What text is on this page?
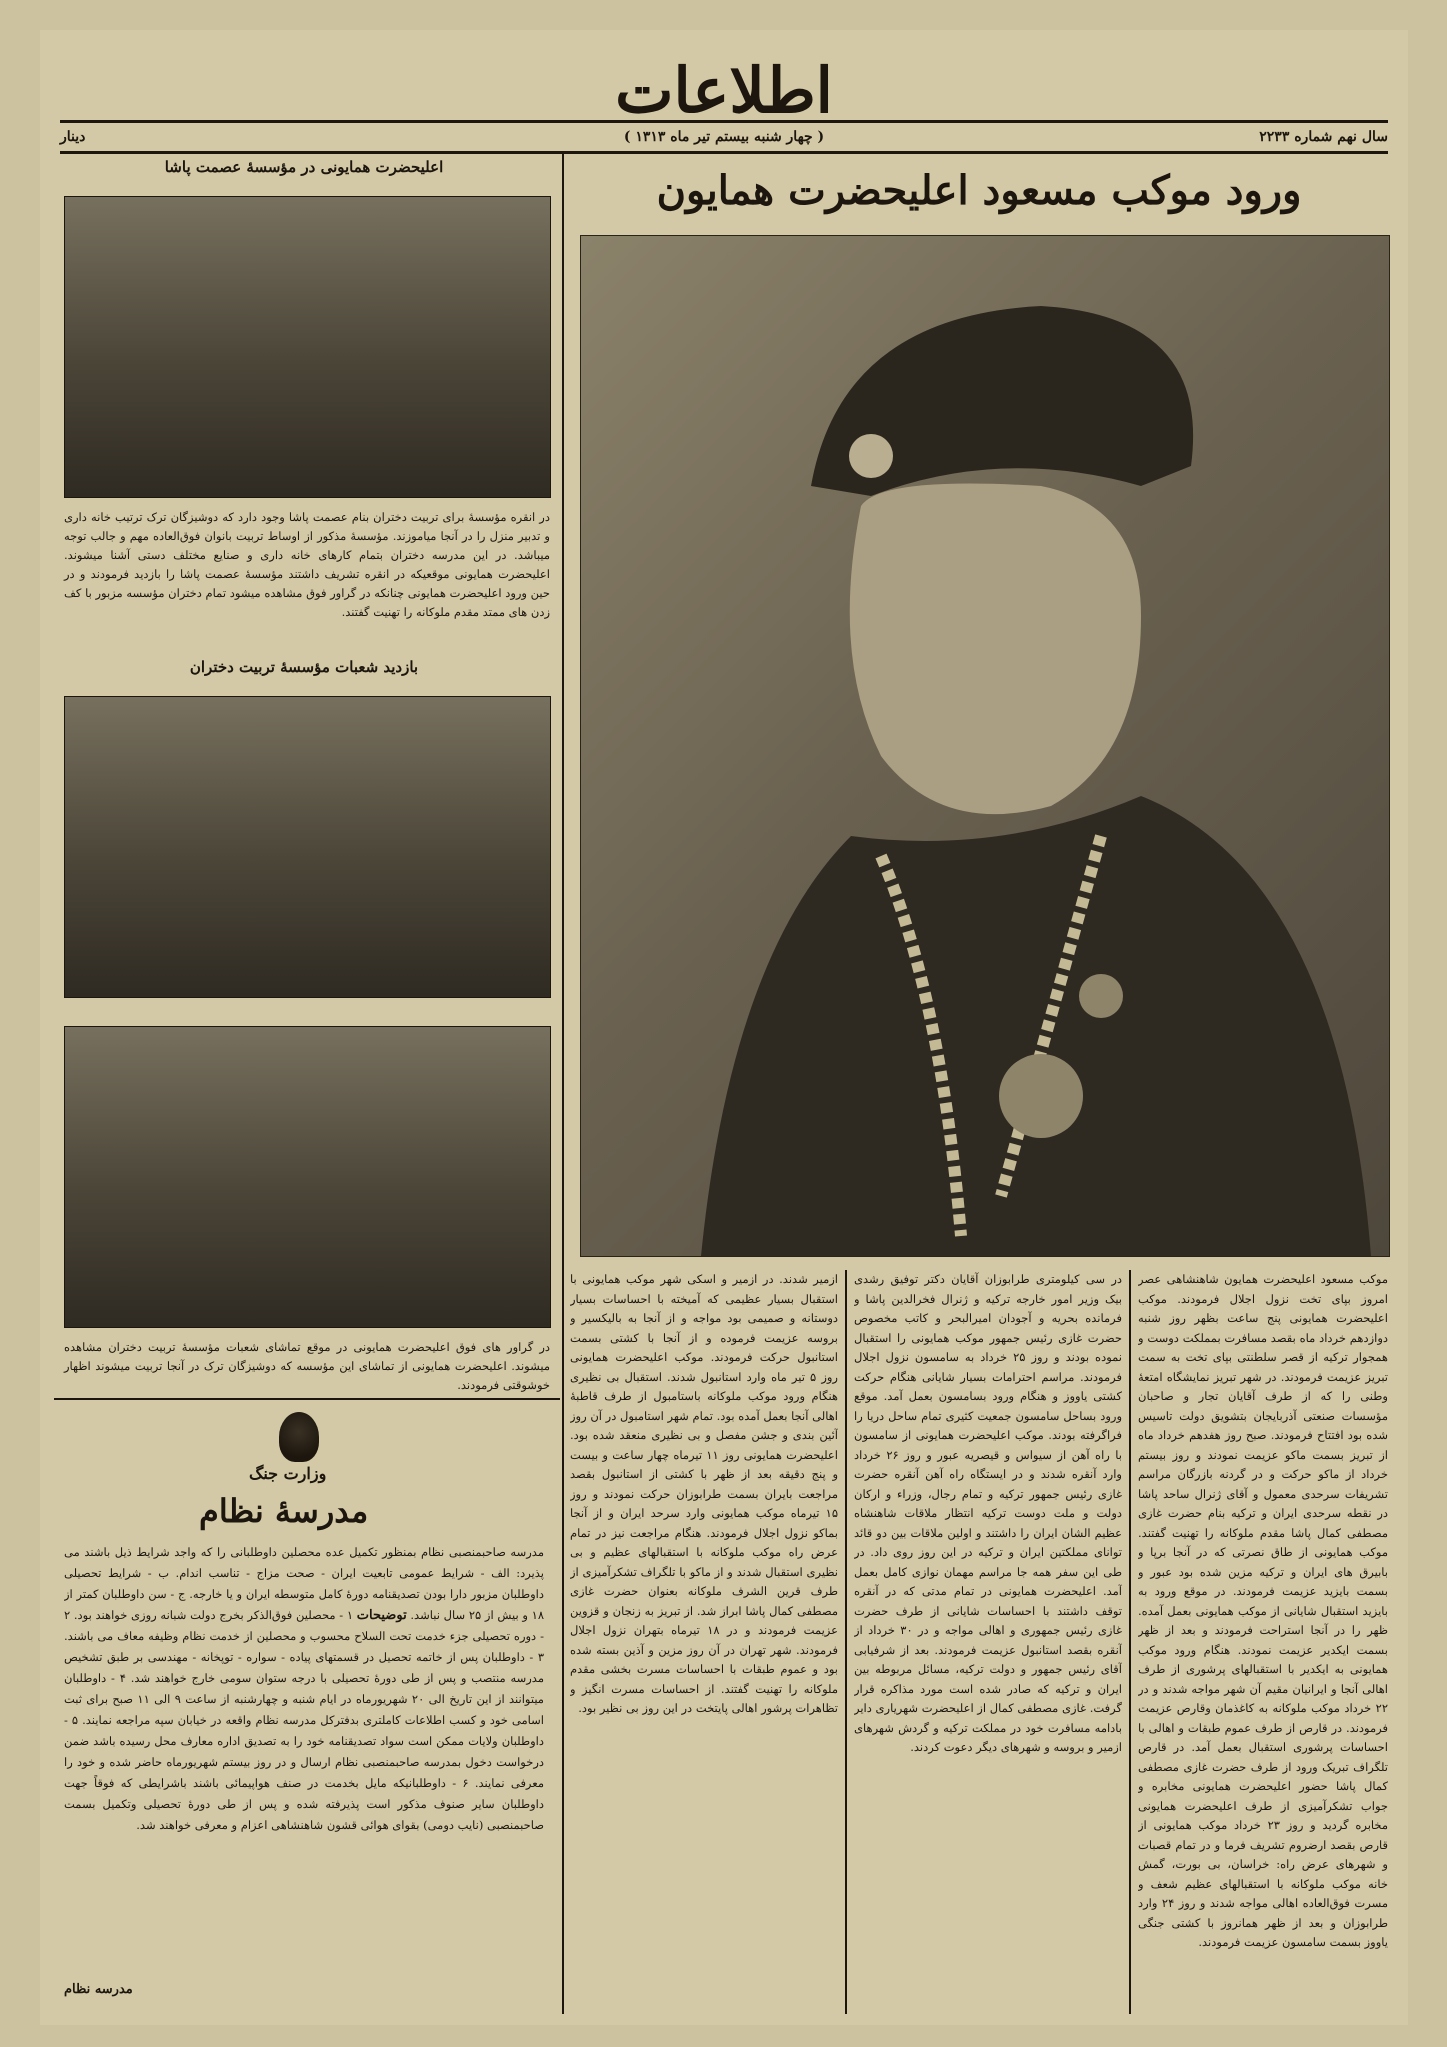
اطلاعات
سال نهم شماره ۲۲۳۳
( چهار شنبه بیستم تیر ماه ۱۳۱۳ )
دینار
ورود موکب مسعود اعلیحضرت همایون
اعلیحضرت همایونی در مؤسسهٔ عصمت پاشا
در انقره مؤسسهٔ برای تربیت دختران بنام عصمت پاشا وجود دارد که دوشیزگان ترک ترتیب خانه داری و تدبیر منزل را در آنجا میاموزند. مؤسسهٔ مذکور از اوساط تربیت بانوان فوق‌العاده مهم و جالب توجه میباشد. در این مدرسه دختران بتمام کارهای خانه داری و صنایع مختلف دستی آشنا میشوند. اعلیحضرت همایونی موقعیکه در انقره تشریف داشتند مؤسسهٔ عصمت پاشا را بازدید فرمودند و در حین ورود اعلیحضرت همایونی چنانکه در گراور فوق مشاهده میشود تمام دختران مؤسسه مزبور با کف زدن های ممتد مقدم ملوکانه را تهنیت گفتند.
بازدید شعبات مؤسسهٔ تربیت دختران
در گراور های فوق اعلیحضرت همایونی در موقع تماشای شعبات مؤسسهٔ تربیت دختران مشاهده میشوند. اعلیحضرت همایونی از تماشای این مؤسسه که دوشیزگان ترک در آنجا تربیت میشوند اظهار خوشوقتی فرمودند.
وزارت جنگ
مدرسهٔ نظام
مدرسه صاحبمنصبی نظام بمنظور تکمیل عده محصلین داوطلبانی را که واجد شرایط ذیل باشند می پذیرد: الف - شرایط عمومی تابعیت ایران - صحت مزاج - تناسب اندام. ب - شرایط تحصیلی داوطلبان مزبور دارا بودن تصدیقنامه دورهٔ کامل متوسطه ایران و یا خارجه. ج - سن داوطلبان کمتر از ۱۸ و بیش از ۲۵ سال نباشد. توضیحات ۱ - محصلین فوق‌الذکر بخرج دولت شبانه روزی خواهند بود. ۲ - دوره تحصیلی جزء خدمت تحت السلاح محسوب و محصلین از خدمت نظام وظیفه معاف می باشند. ۳ - داوطلبان پس از خاتمه تحصیل در قسمتهای پیاده - سواره - توپخانه - مهندسی بر طبق تشخیص مدرسه منتصب و پس از طی دورهٔ تحصیلی با درجه ستوان سومی خارج خواهند شد. ۴ - داوطلبان میتوانند از این تاریخ الی ۲۰ شهریورماه در ایام شنبه و چهارشنبه از ساعت ۹ الی ۱۱ صبح برای ثبت اسامی خود و کسب اطلاعات کاملتری بدفترکل مدرسه نظام واقعه در خیابان سپه مراجعه نمایند. ۵ - داوطلبان ولایات ممکن است سواد تصدیقنامه خود را به تصدیق اداره معارف محل رسیده باشد ضمن درخواست دخول بمدرسه صاحبمنصبی نظام ارسال و در روز بیستم شهریورماه حاضر شده و خود را معرفی نمایند. ۶ - داوطلبانیکه مایل بخدمت در صنف هواپیمائی باشند باشرایطی که فوقاً جهت داوطلبان سایر صنوف مذکور است پذیرفته شده و پس از طی دورهٔ تحصیلی وتکمیل بسمت صاحبمنصبی (نایب دومی) بقوای هوائی قشون شاهنشاهی اعزام و معرفی خواهند شد.
مدرسه نظام
موکب مسعود اعلیحضرت همایون شاهنشاهی عصر امروز بپای تخت نزول اجلال فرمودند. موکب اعلیحضرت همایونی پنج ساعت بظهر روز شنبه دوازدهم خرداد ماه بقصد مسافرت بمملکت دوست و همجوار ترکیه از قصر سلطنتی بپای تخت به سمت تبریز عزیمت فرمودند. در شهر تبریز نمایشگاه امتعهٔ وطنی را که از طرف آقایان تجار و صاحبان مؤسسات صنعتی آذربایجان بتشویق دولت تاسیس شده بود افتتاح فرمودند. صبح روز هفدهم خرداد ماه از تبریز بسمت ماکو عزیمت نمودند و روز بیستم خرداد از ماکو حرکت و در گردنه بازرگان مراسم تشریفات سرحدی معمول و آقای ژنرال ساحد پاشا در نقطه سرحدی ایران و ترکیه بنام حضرت غازی مصطفی کمال پاشا مقدم ملوکانه را تهنیت گفتند. موکب همایونی از طاق نصرتی که در آنجا برپا و بابیرق های ایران و ترکیه مزین شده بود عبور و بسمت بایزید عزیمت فرمودند. در موقع ورود به بایزید استقبال شایانی از موکب همایونی بعمل آمده. ظهر را در آنجا استراحت فرمودند و بعد از ظهر بسمت ایکدیر عزیمت نمودند. هنگام ورود موکب همایونی به ایکدیر با استقبالهای پرشوری از طرف اهالی آنجا و ایرانیان مقیم آن شهر مواجه شدند و در ۲۲ خرداد موکب ملوکانه به کاغذمان وقارص عزیمت فرمودند. در قارص از طرف عموم طبقات و اهالی با احساسات پرشوری استقبال بعمل آمد. در قارص تلگراف تبریک ورود از طرف حضرت غازی مصطفی کمال پاشا حضور اعلیحضرت همایونی مخابره و جواب تشکرآمیزی از طرف اعلیحضرت همایونی مخابره گردید و روز ۲۳ خرداد موکب همایونی از قارص بقصد ارضروم تشریف فرما و در تمام قصبات و شهرهای عرض راه: خراسان، بی بورت، گمش خانه موکب ملوکانه با استقبالهای عظیم شعف و مسرت فوق‌العاده اهالی مواجه شدند و روز ۲۴ وارد طرابوزان و بعد از ظهر همانروز با کشتی جنگی یاووز بسمت سامسون عزیمت فرمودند.
در سی کیلومتری طرابوزان آقایان دکتر توفیق رشدی بیک وزیر امور خارجه ترکیه و ژنرال فخرالدین پاشا و فرمانده بحریه و آجودان امیرالبحر و کاتب مخصوص حضرت غازی رئیس جمهور موکب همایونی را استقبال نموده بودند و روز ۲۵ خرداد به سامسون نزول اجلال فرمودند. مراسم احترامات بسیار شایانی هنگام حرکت کشتی یاووز و هنگام ورود بسامسون بعمل آمد. موقع ورود بساحل سامسون جمعیت کثیری تمام ساحل دریا را فراگرفته بودند. موکب اعلیحضرت همایونی از سامسون با راه آهن از سیواس و قیصریه عبور و روز ۲۶ خرداد وارد آنقره شدند و در ایستگاه راه آهن آنقره حضرت غازی رئیس جمهور ترکیه و تمام رجال، وزراء و ارکان دولت و ملت دوست ترکیه انتظار ملاقات شاهنشاه عظیم الشان ایران را داشتند و اولین ملاقات بین دو قائد توانای مملکتین ایران و ترکیه در این روز روی داد. در طی این سفر همه جا مراسم مهمان نوازی کامل بعمل آمد. اعلیحضرت همایونی در تمام مدتی که در آنقره توقف داشتند با احساسات شایانی از طرف حضرت غازی رئیس جمهوری و اهالی مواجه و در ۳۰ خرداد از آنقره بقصد استانبول عزیمت فرمودند. بعد از شرفیابی آقای رئیس جمهور و دولت ترکیه، مسائل مربوطه بین ایران و ترکیه که صادر شده است مورد مذاکره قرار گرفت. غازی مصطفی کمال از اعلیحضرت شهریاری دایر بادامه مسافرت خود در مملکت ترکیه و گردش شهرهای ازمیر و بروسه و شهرهای دیگر دعوت کردند.
ازمیر شدند. در ازمیر و اسکی شهر موکب همایونی با استقبال بسیار عظیمی که آمیخته با احساسات بسیار دوستانه و صمیمی بود مواجه و از آنجا به بالیکسیر و بروسه عزیمت فرموده و از آنجا با کشتی بسمت استانبول حرکت فرمودند. موکب اعلیحضرت همایونی روز ۵ تیر ماه وارد استانبول شدند. استقبال بی نظیری هنگام ورود موکب ملوکانه باستامبول از طرف قاطبهٔ اهالی آنجا بعمل آمده بود. تمام شهر استامبول در آن روز آئین بندی و جشن مفصل و بی نظیری منعقد شده بود. اعلیحضرت همایونی روز ۱۱ تیرماه چهار ساعت و بیست و پنج دقیقه بعد از ظهر با کشتی از استانبول بقصد مراجعت بایران بسمت طرابوزان حرکت نمودند و روز ۱۵ تیرماه موکب همایونی وارد سرحد ایران و از آنجا بماکو نزول اجلال فرمودند. هنگام مراجعت نیز در تمام عرض راه موکب ملوکانه با استقبالهای عظیم و بی نظیری استقبال شدند و از ماکو با تلگراف تشکرآمیزی از طرف قرین الشرف ملوکانه بعنوان حضرت غازی مصطفی کمال پاشا ابراز شد. از تبریز به زنجان و قزوین عزیمت فرمودند و در ۱۸ تیرماه بتهران نزول اجلال فرمودند. شهر تهران در آن روز مزین و آذین بسته شده بود و عموم طبقات با احساسات مسرت بخشی مقدم ملوکانه را تهنیت گفتند. از احساسات مسرت انگیز و تظاهرات پرشور اهالی پایتخت در این روز بی نظیر بود.
